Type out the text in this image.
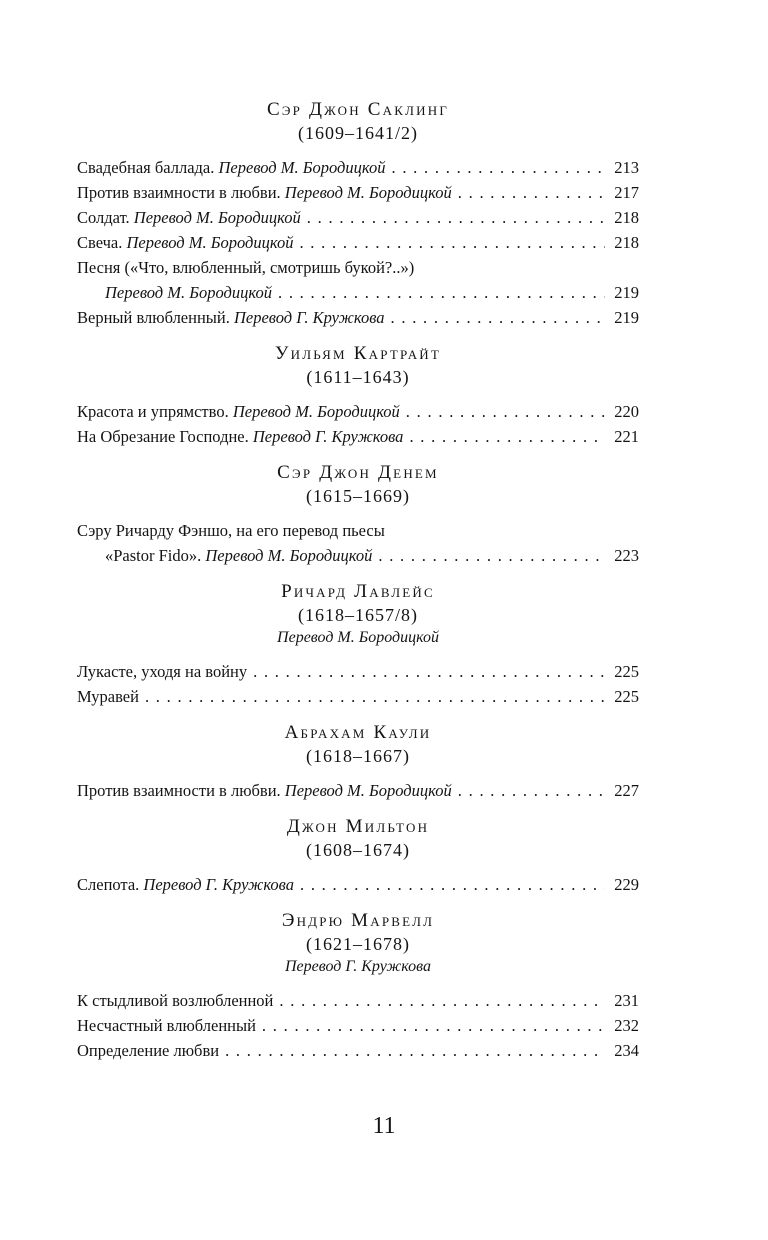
Сэр Джон Саклинг
(1609–1641/2)
Свадебная баллада. Перевод М. Бородицкой . . .	213
Против взаимности в любви. Перевод М. Бородицкой . . .	217
Солдат. Перевод М. Бородицкой . . .	218
Свеча. Перевод М. Бородицкой . . .	218
Песня («Что, влюбленный, смотришь букой?..»)
Перевод М. Бородицкой . . .	219
Верный влюбленный. Перевод Г. Кружкова . . .	219
Уильям Картрайт
(1611–1643)
Красота и упрямство. Перевод М. Бородицкой . . .	220
На Обрезание Господне. Перевод Г. Кружкова . . .	221
Сэр Джон Денем
(1615–1669)
Сэру Ричарду Фэншо, на его перевод пьесы
«Pastor Fido». Перевод М. Бородицкой . . .	223
Ричард Лавлейс
(1618–1657/8)
Перевод М. Бородицкой
Лукасте, уходя на войну . . .	225
Муравей . . .	225
Абрахам Каули
(1618–1667)
Против взаимности в любви. Перевод М. Бородицкой . . .	227
Джон Мильтон
(1608–1674)
Слепота. Перевод Г. Кружкова . . .	229
Эндрю Марвелл
(1621–1678)
Перевод Г. Кружкова
К стыдливой возлюбленной . . .	231
Несчастный влюбленный . . .	232
Определение любви . . .	234
11
